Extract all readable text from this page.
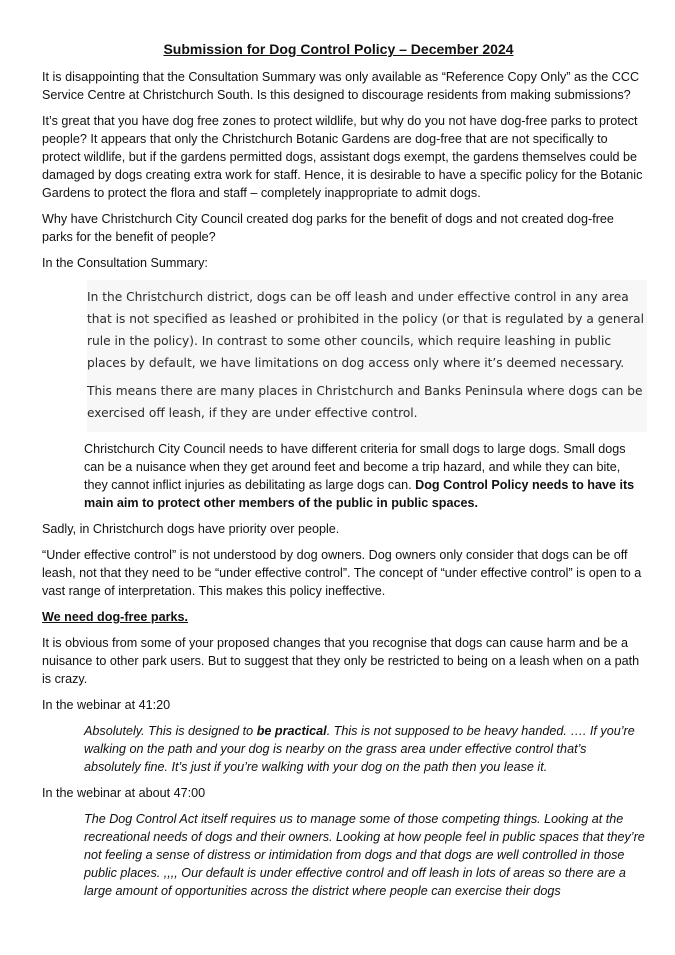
Submission for Dog Control Policy – December 2024

It is disappointing that the Consultation Summary was only available as “Reference Copy Only” as the CCC Service Centre at Christchurch South. Is this designed to discourage residents from making submissions?

It’s great that you have dog free zones to protect wildlife, but why do you not have dog-free parks to protect people? It appears that only the Christchurch Botanic Gardens are dog-free that are not specifically to protect wildlife, but if the gardens permitted dogs, assistant dogs exempt, the gardens themselves could be damaged by dogs creating extra work for staff. Hence, it is desirable to have a specific policy for the Botanic Gardens to protect the flora and staff – completely inappropriate to admit dogs.

Why have Christchurch City Council created dog parks for the benefit of dogs and not created dog-free parks for the benefit of people?

In the Consultation Summary:

In the Christchurch district, dogs can be off leash and under effective control in any area that is not specified as leashed or prohibited in the policy (or that is regulated by a general rule in the policy). In contrast to some other councils, which require leashing in public places by default, we have limitations on dog access only where it’s deemed necessary.

This means there are many places in Christchurch and Banks Peninsula where dogs can be exercised off leash, if they are under effective control.

Christchurch City Council needs to have different criteria for small dogs to large dogs. Small dogs can be a nuisance when they get around feet and become a trip hazard, and while they can bite, they cannot inflict injuries as debilitating as large dogs can. Dog Control Policy needs to have its main aim to protect other members of the public in public spaces.

Sadly, in Christchurch dogs have priority over people.

“Under effective control” is not understood by dog owners. Dog owners only consider that dogs can be off leash, not that they need to be “under effective control”. The concept of “under effective control” is open to a vast range of interpretation. This makes this policy ineffective.

We need dog-free parks.

It is obvious from some of your proposed changes that you recognise that dogs can cause harm and be a nuisance to other park users. But to suggest that they only be restricted to being on a leash when on a path is crazy.

In the webinar at 41:20

Absolutely. This is designed to be practical. This is not supposed to be heavy handed. …. If you’re walking on the path and your dog is nearby on the grass area under effective control that’s absolutely fine. It’s just if you’re walking with your dog on the path then you lease it.

In the webinar at about 47:00

The Dog Control Act itself requires us to manage some of those competing things. Looking at the recreational needs of dogs and their owners. Looking at how people feel in public spaces that they’re not feeling a sense of distress or intimidation from dogs and that dogs are well controlled in those public places. ,,,, Our default is under effective control and off leash in lots of areas so there are a large amount of opportunities across the district where people can exercise their dogs
